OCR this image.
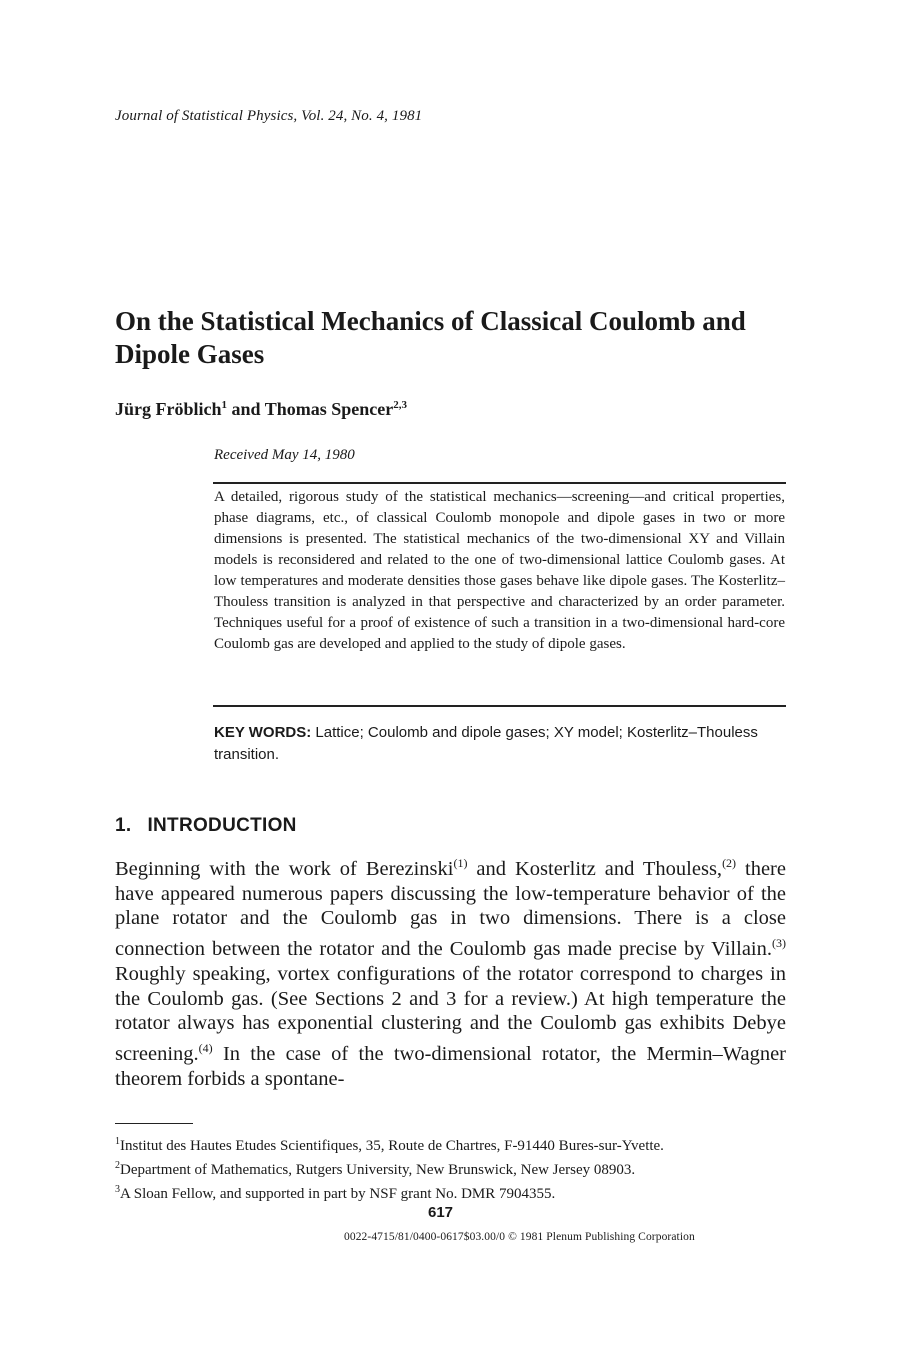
Journal of Statistical Physics, Vol. 24, No. 4, 1981
On the Statistical Mechanics of Classical Coulomb and Dipole Gases
Jürg Fröblich$^1$ and Thomas Spencer$^{2,3}$
Received May 14, 1980
A detailed, rigorous study of the statistical mechanics—screening—and critical properties, phase diagrams, etc., of classical Coulomb monopole and dipole gases in two or more dimensions is presented. The statistical mechanics of the two-dimensional XY and Villain models is reconsidered and related to the one of two-dimensional lattice Coulomb gases. At low temperatures and moderate densities those gases behave like dipole gases. The Kosterlitz–Thouless transition is analyzed in that perspective and characterized by an order parameter. Techniques useful for a proof of existence of such a transition in a two-dimensional hard-core Coulomb gas are developed and applied to the study of dipole gases.
KEY WORDS: Lattice; Coulomb and dipole gases; XY model; Kosterlitz–Thouless transition.
1. INTRODUCTION
Beginning with the work of Berezinski$^{(1)}$ and Kosterlitz and Thouless,$^{(2)}$ there have appeared numerous papers discussing the low-temperature behavior of the plane rotator and the Coulomb gas in two dimensions. There is a close connection between the rotator and the Coulomb gas made precise by Villain.$^{(3)}$ Roughly speaking, vortex configurations of the rotator correspond to charges in the Coulomb gas. (See Sections 2 and 3 for a review.) At high temperature the rotator always has exponential clustering and the Coulomb gas exhibits Debye screening.$^{(4)}$ In the case of the two-dimensional rotator, the Mermin–Wagner theorem forbids a spontane-
$^1$Institut des Hautes Etudes Scientifiques, 35, Route de Chartres, F-91440 Bures-sur-Yvette.
$^2$Department of Mathematics, Rutgers University, New Brunswick, New Jersey 08903.
$^3$A Sloan Fellow, and supported in part by NSF grant No. DMR 7904355.
617
0022-4715/81/0400-0617$03.00/0 © 1981 Plenum Publishing Corporation
